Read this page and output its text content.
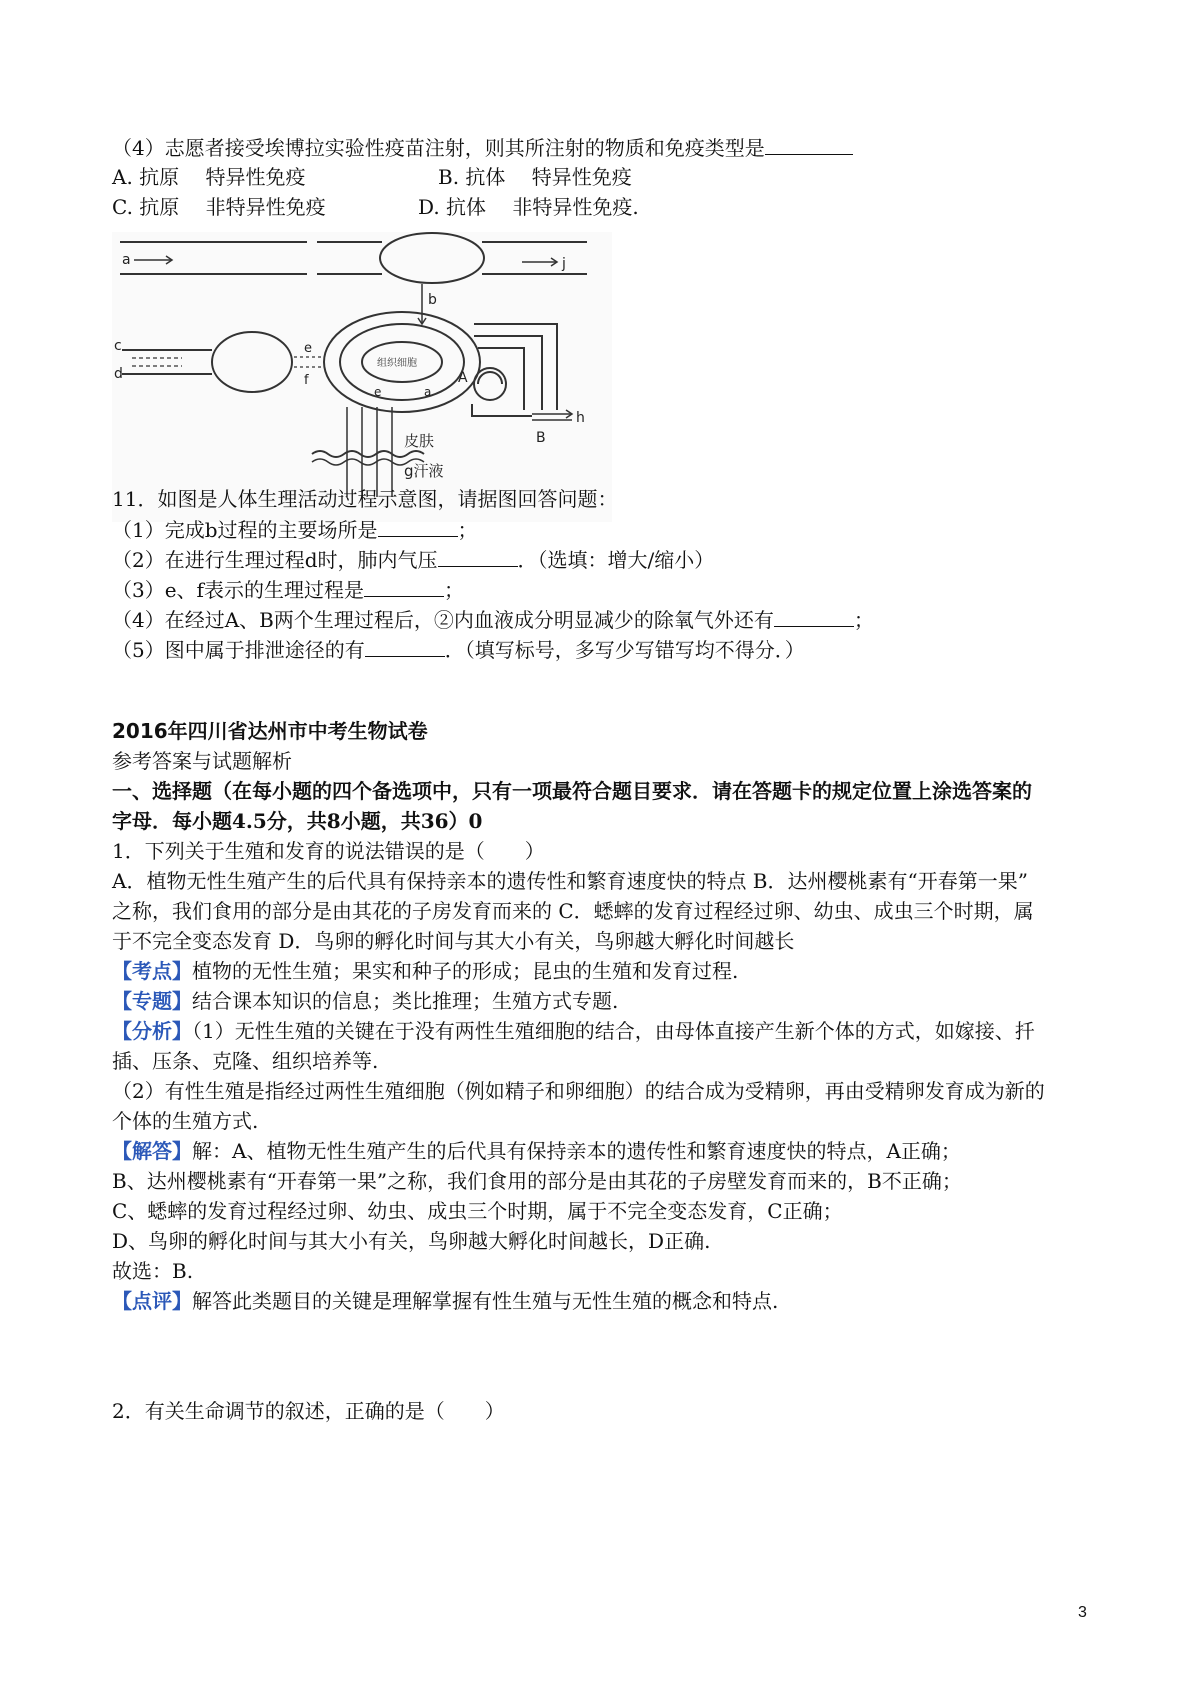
（4）志愿者接受埃博拉实验性疫苗注射，则其所注射的物质和免疫类型是
A. 抗原　 特异性免疫	B. 抗体　 特异性免疫
C. 抗原　 非特异性免疫	D. 抗体　 非特异性免疫.
a	j
b
c
d
e
f
组织细胞
e	a
h
A
B
皮肤
g汗液
11．如图是人体生理活动过程示意图，请据图回答问题：
（1）完成b过程的主要场所是	；
（2）在进行生理过程d时，肺内气压	．（选填：增大/缩小）
（3）e、f表示的生理过程是	；
（4）在经过A、B两个生理过程后，②内血液成分明显减少的除氧气外还有	；
（5）图中属于排泄途径的有	．（填写标号，多写少写错写均不得分．）
2016年四川省达州市中考生物试卷
参考答案与试题解析
一、选择题（在每小题的四个备选项中，只有一项最符合题目要求．请在答题卡的规定位置上涂选答案的
字母．每小题4.5分，共8小题，共36）0
1．下列关于生殖和发育的说法错误的是（　　）
A．植物无性生殖产生的后代具有保持亲本的遗传性和繁育速度快的特点 B．达州樱桃素有“开春第一果”
之称，我们食用的部分是由其花的子房发育而来的 C．蟋蟀的发育过程经过卵、幼虫、成虫三个时期，属
于不完全变态发育 D．鸟卵的孵化时间与其大小有关，鸟卵越大孵化时间越长
【考点】植物的无性生殖；果实和种子的形成；昆虫的生殖和发育过程.
【专题】结合课本知识的信息；类比推理；生殖方式专题.
【分析】（1）无性生殖的关键在于没有两性生殖细胞的结合，由母体直接产生新个体的方式，如嫁接、扦
插、压条、克隆、组织培养等.
（2）有性生殖是指经过两性生殖细胞（例如精子和卵细胞）的结合成为受精卵，再由受精卵发育成为新的
个体的生殖方式.
【解答】解：A、植物无性生殖产生的后代具有保持亲本的遗传性和繁育速度快的特点，A正确；
B、达州樱桃素有“开春第一果”之称，我们食用的部分是由其花的子房壁发育而来的，B不正确；
C、蟋蟀的发育过程经过卵、幼虫、成虫三个时期，属于不完全变态发育，C正确；
D、鸟卵的孵化时间与其大小有关，鸟卵越大孵化时间越长，D正确.
故选：B.
【点评】解答此类题目的关键是理解掌握有性生殖与无性生殖的概念和特点.
2．有关生命调节的叙述，正确的是（　　）
3
